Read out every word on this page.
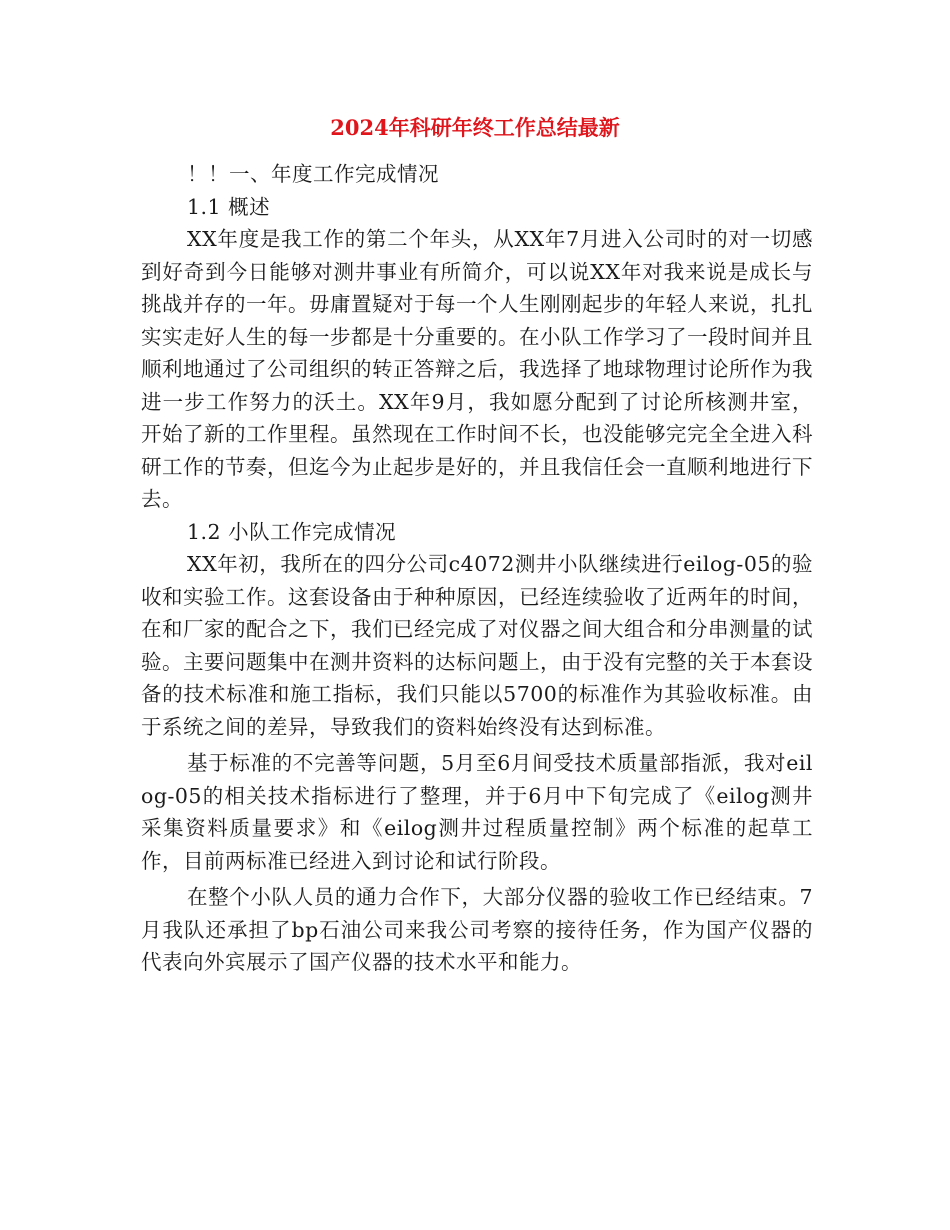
2024年科研年终工作总结最新

！！一、年度工作完成情况

1.1 概述

XX年度是我工作的第二个年头，从XX年7月进入公司时的对一切感到好奇到今日能够对测井事业有所简介，可以说XX年对我来说是成长与挑战并存的一年。毋庸置疑对于每一个人生刚刚起步的年轻人来说，扎扎实实走好人生的每一步都是十分重要的。在小队工作学习了一段时间并且顺利地通过了公司组织的转正答辩之后，我选择了地球物理讨论所作为我进一步工作努力的沃土。XX年9月，我如愿分配到了讨论所核测井室，开始了新的工作里程。虽然现在工作时间不长，也没能够完完全全进入科研工作的节奏，但迄今为止起步是好的，并且我信任会一直顺利地进行下去。

1.2 小队工作完成情况

XX年初，我所在的四分公司c4072测井小队继续进行eilog-05的验收和实验工作。这套设备由于种种原因，已经连续验收了近两年的时间，在和厂家的配合之下，我们已经完成了对仪器之间大组合和分串测量的试验。主要问题集中在测井资料的达标问题上，由于没有完整的关于本套设备的技术标准和施工指标，我们只能以5700的标准作为其验收标准。由于系统之间的差异，导致我们的资料始终没有达到标准。

基于标准的不完善等问题，5月至6月间受技术质量部指派，我对eilog-05的相关技术指标进行了整理，并于6月中下旬完成了《eilog测井采集资料质量要求》和《eilog测井过程质量控制》两个标准的起草工作，目前两标准已经进入到讨论和试行阶段。

在整个小队人员的通力合作下，大部分仪器的验收工作已经结束。7月我队还承担了bp石油公司来我公司考察的接待任务，作为国产仪器的代表向外宾展示了国产仪器的技术水平和能力。
